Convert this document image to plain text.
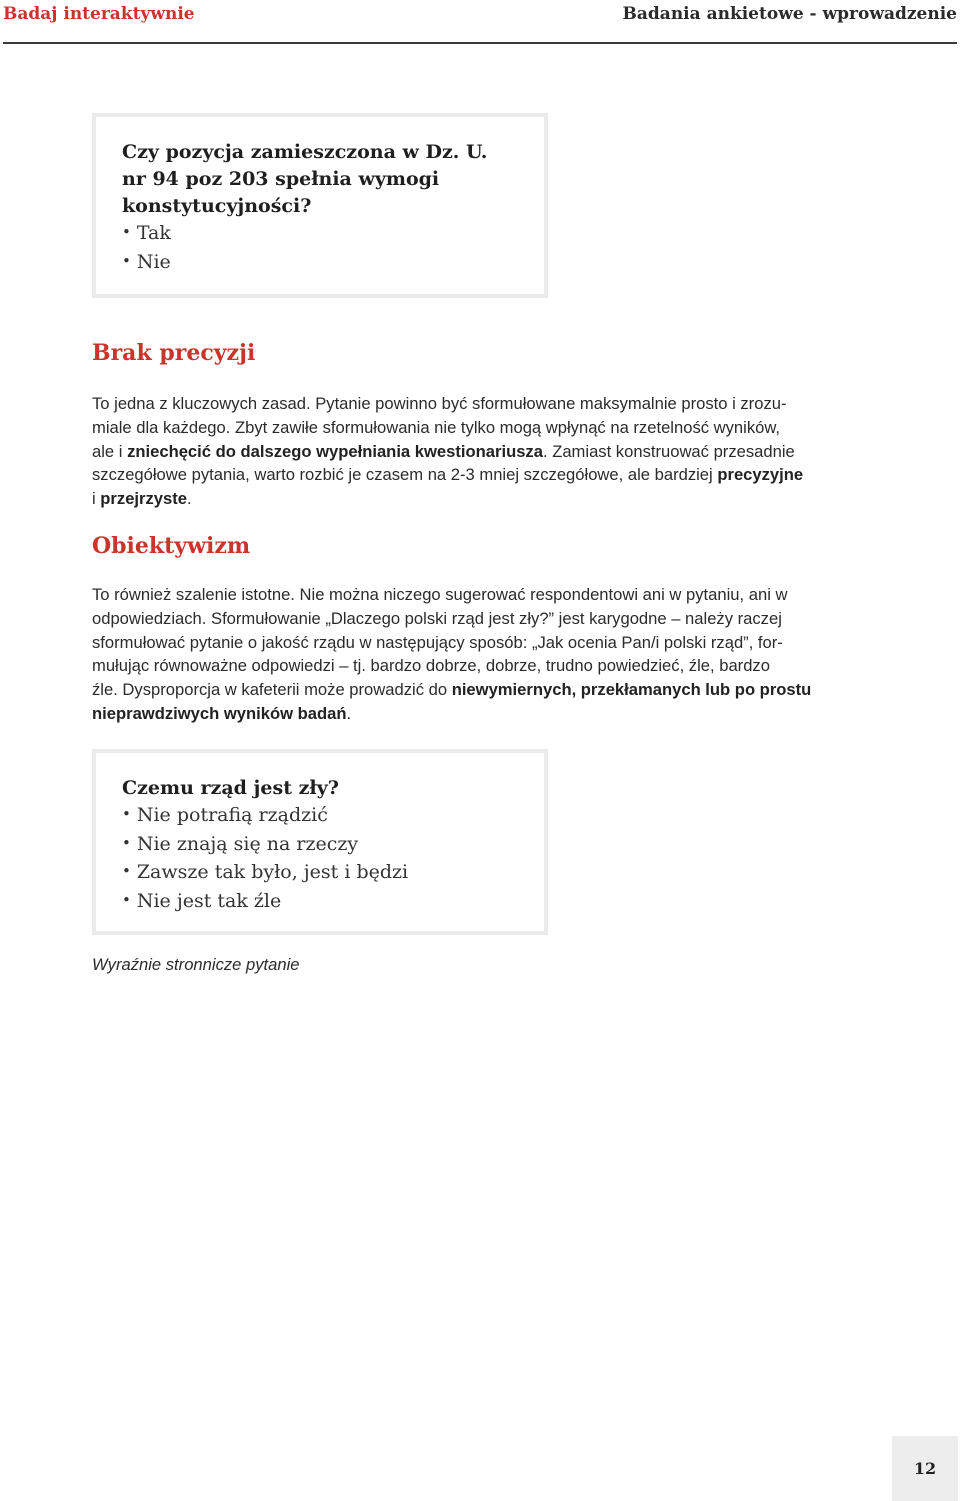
Badaj interaktywnie	Badania ankietowe - wprowadzenie

Czy pozycja zamieszczona w Dz. U.
nr 94 poz 203 spełnia wymogi
konstytucyjności?

• Tak
• Nie
Brak precyzji

To jedna z kluczowych zasad. Pytanie powinno być sformułowane maksymalnie prosto i zrozu-
miale dla każdego. Zbyt zawiłe sformułowania nie tylko mogą wpłynąć na rzetelność wyników,
ale i zniechęcić do dalszego wypełniania kwestionariusza. Zamiast konstruować przesadnie
szczegółowe pytania, warto rozbić je czasem na 2-3 mniej szczegółowe, ale bardziej precyzyjne
i przejrzyste.

Obiektywizm

To również szalenie istotne. Nie można niczego sugerować respondentowi ani w pytaniu, ani w
odpowiedziach. Sformułowanie „Dlaczego polski rząd jest zły?” jest karygodne – należy raczej
sformułować pytanie o jakość rządu w następujący sposób: „Jak ocenia Pan/i polski rząd”, for-
mułując równoważne odpowiedzi – tj. bardzo dobrze, dobrze, trudno powiedzieć, źle, bardzo
źle. Dysproporcja w kafeterii może prowadzić do niewymiernych, przekłamanych lub po prostu
nieprawdziwych wyników badań.

Czemu rząd jest zły?

• Nie potrafią rządzić
• Nie znają się na rzeczy
• Zawsze tak było, jest i będzi
• Nie jest tak źle
Wyraźnie stronnicze pytanie
12
